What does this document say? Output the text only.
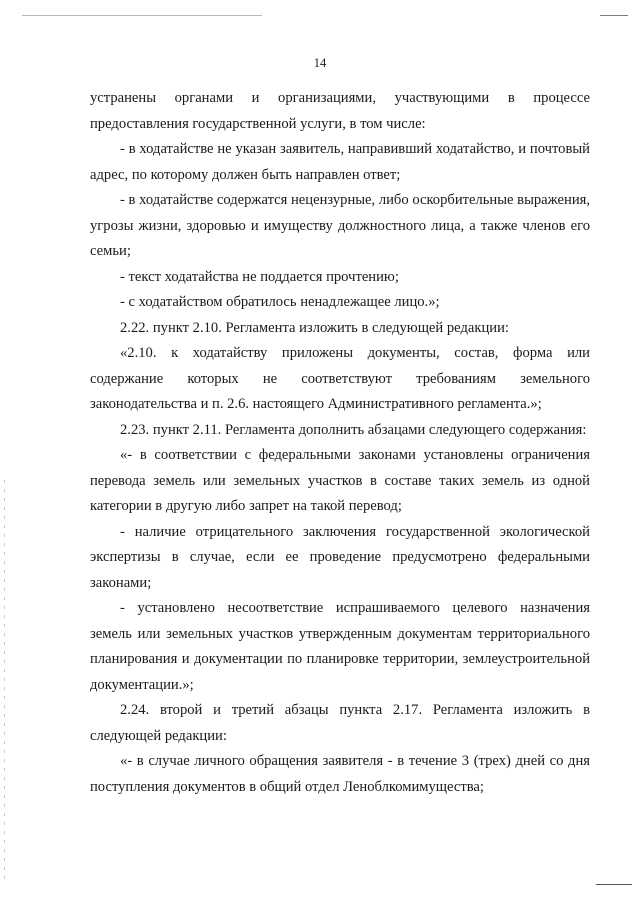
14

устранены органами и организациями, участвующими в процессе предоставления государственной услуги, в том числе:

- в ходатайстве не указан заявитель, направивший ходатайство, и почтовый адрес, по которому должен быть направлен ответ;

- в ходатайстве содержатся нецензурные, либо оскорбительные выражения, угрозы жизни, здоровью и имуществу должностного лица, а также членов его семьи;

- текст ходатайства не поддается прочтению;

- с ходатайством обратилось ненадлежащее лицо.»;

2.22. пункт 2.10. Регламента изложить в следующей редакции:

«2.10. к ходатайству приложены документы, состав, форма или содержание которых не соответствуют требованиям земельного законодательства и п. 2.6. настоящего Административного регламента.»;

2.23. пункт 2.11. Регламента дополнить абзацами следующего содержания:

«- в соответствии с федеральными законами установлены ограничения перевода земель или земельных участков в составе таких земель из одной категории в другую либо запрет на такой перевод;

- наличие отрицательного заключения государственной экологической экспертизы в случае, если ее проведение предусмотрено федеральными законами;

- установлено несоответствие испрашиваемого целевого назначения земель или земельных участков утвержденным документам территориального планирования и документации по планировке территории, землеустроительной документации.»;

2.24. второй и третий абзацы пункта 2.17. Регламента изложить в следующей редакции:

«- в случае личного обращения заявителя - в течение 3 (трех) дней со дня поступления документов в общий отдел Леноблкомимущества;
